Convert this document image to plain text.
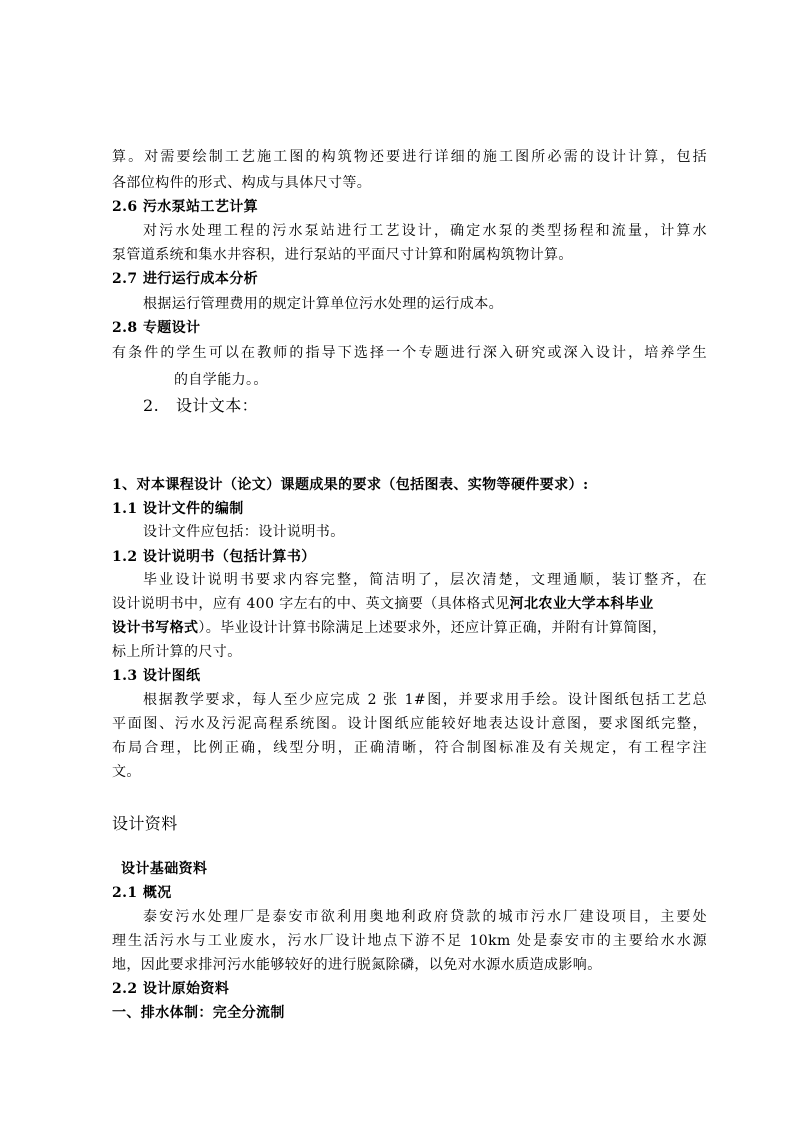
算。对需要绘制工艺施工图的构筑物还要进行详细的施工图所必需的设计计算，包括
各部位构件的形式、构成与具体尺寸等。
2.6 污水泵站工艺计算
对污水处理工程的污水泵站进行工艺设计，确定水泵的类型扬程和流量，计算水
泵管道系统和集水井容积，进行泵站的平面尺寸计算和附属构筑物计算。
2.7 进行运行成本分析
根据运行管理费用的规定计算单位污水处理的运行成本。
2.8 专题设计
有条件的学生可以在教师的指导下选择一个专题进行深入研究或深入设计，培养学生
的自学能力。。
2.	设计文本：
1、对本课程设计（论文）课题成果的要求（包括图表、实物等硬件要求）:
1.1 设计文件的编制
设计文件应包括：设计说明书。
1.2 设计说明书（包括计算书）
毕业设计说明书要求内容完整，简洁明了，层次清楚，文理通顺，装订整齐，在
设计说明书中，应有 400 字左右的中、英文摘要（具体格式见河北农业大学本科毕业
设计书写格式）。毕业设计计算书除满足上述要求外，还应计算正确，并附有计算简图，
标上所计算的尺寸。
1.3 设计图纸
根据教学要求，每人至少应完成 2 张 1#图，并要求用手绘。设计图纸包括工艺总
平面图、污水及污泥高程系统图。设计图纸应能较好地表达设计意图，要求图纸完整，
布局合理，比例正确，线型分明，正确清晰，符合制图标准及有关规定，有工程字注
文。
设计资料
设计基础资料
2.1 概况
泰安污水处理厂是泰安市欲利用奥地利政府贷款的城市污水厂建设项目，主要处
理生活污水与工业废水，污水厂设计地点下游不足 10km 处是泰安市的主要给水水源
地，因此要求排河污水能够较好的进行脱氮除磷，以免对水源水质造成影响。
2.2 设计原始资料
一、排水体制：完全分流制
